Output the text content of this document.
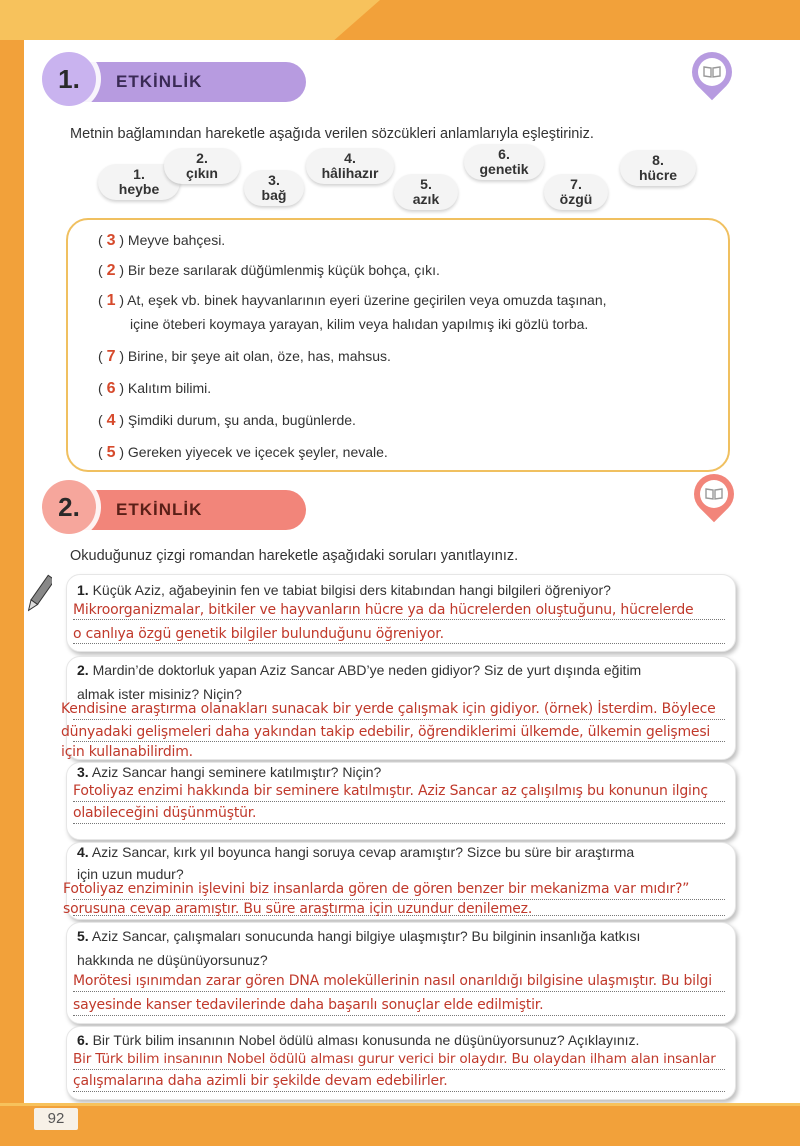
ETKİNLİK
1.
Metnin bağlamından hareketle aşağıda verilen sözcükleri anlamlarıyla eşleştiriniz.
1.
heybe
2.
çıkın	3.
bağ
4.
hâlihazır
5.
azık
6.
genetik
7.
özgü
8.
hücre
( 3 ) Meyve bahçesi.
( 2 ) Bir beze sarılarak düğümlenmiş küçük bohça, çıkı.
( 1 ) At, eşek vb. binek hayvanlarının eyeri üzerine geçirilen veya omuzda taşınan,
içine öteberi koymaya yarayan, kilim veya halıdan yapılmış iki gözlü torba.
( 7 ) Birine, bir şeye ait olan, öze, has, mahsus.
( 6 ) Kalıtım bilimi.
( 4 ) Şimdiki durum, şu anda, bugünlerde.
( 5 ) Gereken yiyecek ve içecek şeyler, nevale.
ETKİNLİK
2.
Okuduğunuz çizgi romandan hareketle aşağıdaki soruları yanıtlayınız.
1. Küçük Aziz, ağabeyinin fen ve tabiat bilgisi ders kitabından hangi bilgileri öğreniyor?
Mikroorganizmalar, bitkiler ve hayvanların hücre ya da hücrelerden oluştuğunu, hücrelerde
o canlıya özgü genetik bilgiler bulunduğunu öğreniyor.
2. Mardin’de doktorluk yapan Aziz Sancar ABD’ye neden gidiyor? Siz de yurt dışında eğitim
almak ister misiniz? Niçin?
Kendisine araştırma olanakları sunacak bir yerde çalışmak için gidiyor. (örnek) İsterdim. Böylece
dünyadaki gelişmeleri daha yakından takip edebilir, öğrendiklerimi ülkemde, ülkemin gelişmesi
için kullanabilirdim.
3. Aziz Sancar hangi seminere katılmıştır? Niçin?
Fotoliyaz enzimi hakkında bir seminere katılmıştır. Aziz Sancar az çalışılmış bu konunun ilginç
olabileceğini düşünmüştür.
4. Aziz Sancar, kırk yıl boyunca hangi soruya cevap aramıştır? Sizce bu süre bir araştırma
için uzun mudur?
Fotoliyaz enziminin işlevini biz insanlarda gören de gören benzer bir mekanizma var mıdır?”
sorusuna cevap aramıştır. Bu süre araştırma için uzundur denilemez.
5. Aziz Sancar, çalışmaları sonucunda hangi bilgiye ulaşmıştır? Bu bilginin insanlığa katkısı
hakkında ne düşünüyorsunuz?
Morötesi ışınımdan zarar gören DNA moleküllerinin nasıl onarıldığı bilgisine ulaşmıştır. Bu bilgi
sayesinde kanser tedavilerinde daha başarılı sonuçlar elde edilmiştir.
6. Bir Türk bilim insanının Nobel ödülü alması konusunda ne düşünüyorsunuz? Açıklayınız.
Bir Türk bilim insanının Nobel ödülü alması gurur verici bir olaydır. Bu olaydan ilham alan insanlar
çalışmalarına daha azimli bir şekilde devam edebilirler.
92
